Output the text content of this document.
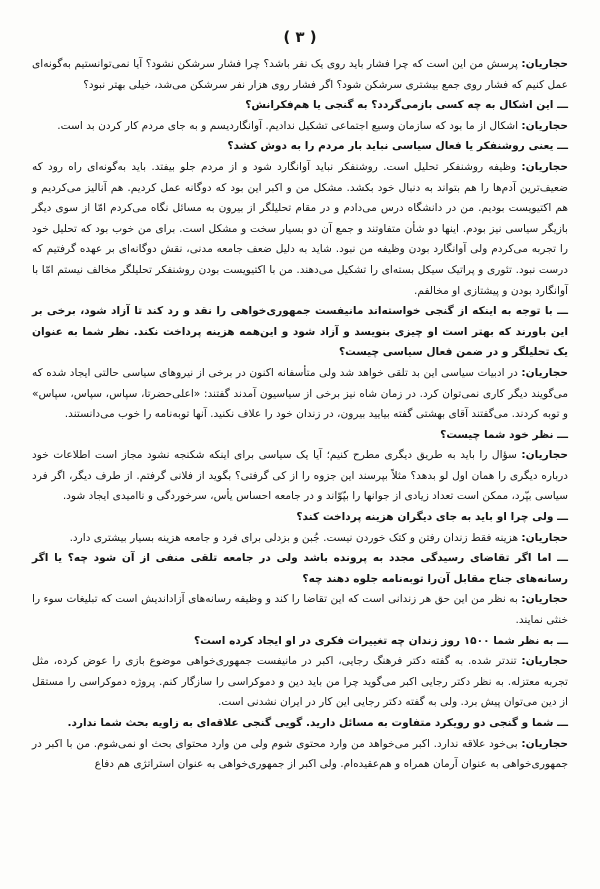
( ۳ )

حجاریان: پرسش من این است که چرا فشار باید روی یک نفر باشد؟ چرا فشار سرشکن نشود؟ آیا نمی‌توانستیم به‌گونه‌ای عمل کنیم که فشار روی جمع بیشتری سرشکن شود؟ اگر فشار روی هزار نفر سرشکن می‌شد، خیلی بهتر نبود؟

ـــ این اشکال به چه کسی بازمی‌گردد؟ به گنجی یا هم‌فکرانش؟

حجاریان: اشکال از ما بود که سازمان وسیع اجتماعی تشکیل ندادیم. آوانگاردیسم و به جای مردم کار کردن بد است.

ـــ یعنی روشنفکر یا فعال سیاسی نباید بار مردم را به دوش کشد؟

حجاریان: وظیفه روشنفکر تحلیل است. روشنفکر نباید آوانگارد شود و از مردم جلو بیفتد. باید به‌گونه‌ای راه رود که ضعیف‌ترین آدم‌ها را هم بتواند به دنبال خود بکشد. مشکل من و اکبر این بود که دوگانه عمل کردیم. هم آنالیز می‌کردیم و هم اکتیویست بودیم. من در دانشگاه درس می‌دادم و در مقام تحلیلگر از بیرون به مسائل نگاه می‌کردم امّا از سوی دیگر بازیگر سیاسی نیز بودم. اینها دو شأن متفاوتند و جمع آن دو بسیار سخت و مشکل است. برای من خوب بود که تحلیل خود را تجربه می‌کردم ولی آوانگارد بودن وظیفه من نبود. شاید به دلیل ضعف جامعه مدنی، نقش دوگانه‌ای بر عهده گرفتیم که درست نبود. تئوری و پراتیک سیکل بسته‌ای را تشکیل می‌دهند. من با اکتیویست بودن روشنفکر تحلیلگر مخالف نیستم امّا با آوانگارد بودن و پیشتازی او مخالفم.

ـــ با توجه به اینکه از گنجی خواسته‌اند مانیفست جمهوری‌خواهی را نقد و رد کند تا آزاد شود، برخی بر این باورند که بهتر است او چیزی بنویسد و آزاد شود و این‌همه هزینه پرداخت نکند. نظر شما به عنوان یک تحلیلگر و در ضمن فعال سیاسی چیست؟

حجاریان: در ادبیات سیاسی این بد تلقی خواهد شد ولی متأسفانه اکنون در برخی از نیروهای سیاسی حالتی ایجاد شده که می‌گویند دیگر کاری نمی‌توان کرد. در زمان شاه نیز برخی از سیاسیون آمدند گفتند: «اعلی‌حضرتا، سپاس، سپاس، سپاس» و توبه کردند. می‌گفتند آقای بهشتی گفته بیایید بیرون، در زندان خود را علاف نکنید. آنها توبه‌نامه را خوب می‌دانستند.

ـــ نظر خود شما چیست؟

حجاریان: سؤال را باید به طریق دیگری مطرح کنیم؛ آیا یک سیاسی برای اینکه شکنجه نشود مجاز است اطلاعات خود درباره دیگری را همان اول لو بدهد؟ مثلاً بپرسند این جزوه را از کی گرفتی؟ بگوید از فلانی گرفتم. از طرف دیگر، اگر فرد سیاسی بپّرد، ممکن است تعداد زیادی از جوانها را بپّوّاند و در جامعه احساس یأس، سرخوردگی و ناامیدی ایجاد شود.

ـــ ولی چرا او باید به جای دیگران هزینه پرداخت کند؟

حجاریان: هزینه فقط زندان رفتن و کتک خوردن نیست. جُبن و بزدلی برای فرد و جامعه هزینه بسیار بیشتری دارد.

ـــ اما اگر تقاضای رسیدگی مجدد به پرونده باشد ولی در جامعه تلقی منفی از آن شود چه؟ یا اگر رسانه‌های جناح مقابل آن‌را توبه‌نامه جلوه دهند چه؟

حجاریان: به نظر من این حق هر زندانی است که این تقاضا را کند و وظیفه رسانه‌های آزاداندیش است که تبلیغات سوء را خنثی نمایند.

ـــ به نظر شما ۱۵۰۰ روز زندان چه تغییرات فکری در او ایجاد کرده است؟

حجاریان: تندتر شده. به گفته دکتر فرهنگ رجایی، اکبر در مانیفست جمهوری‌خواهی موضوع بازی را عوض کرده، مثل تجربه معتزله. به نظر دکتر رجایی اکبر می‌گوید چرا من باید دین و دموکراسی را سازگار کنم. پروژه دموکراسی را مستقل از دین می‌توان پیش برد. ولی به گفته دکتر رجایی این کار در ایران نشدنی است.

ـــ شما و گنجی دو رویکرد متفاوت به مسائل دارید. گویی گنجی علاقه‌ای به زاویه بحث شما ندارد.

حجاریان: بی‌خود علاقه ندارد. اکبر می‌خواهد من وارد محتوی شوم ولی من وارد محتوای بحث او نمی‌شوم. من با اکبر در جمهوری‌خواهی به عنوان آرمان همراه و هم‌عقیده‌ام. ولی اکبر از جمهوری‌خواهی به عنوان استراتژی هم دفاع
